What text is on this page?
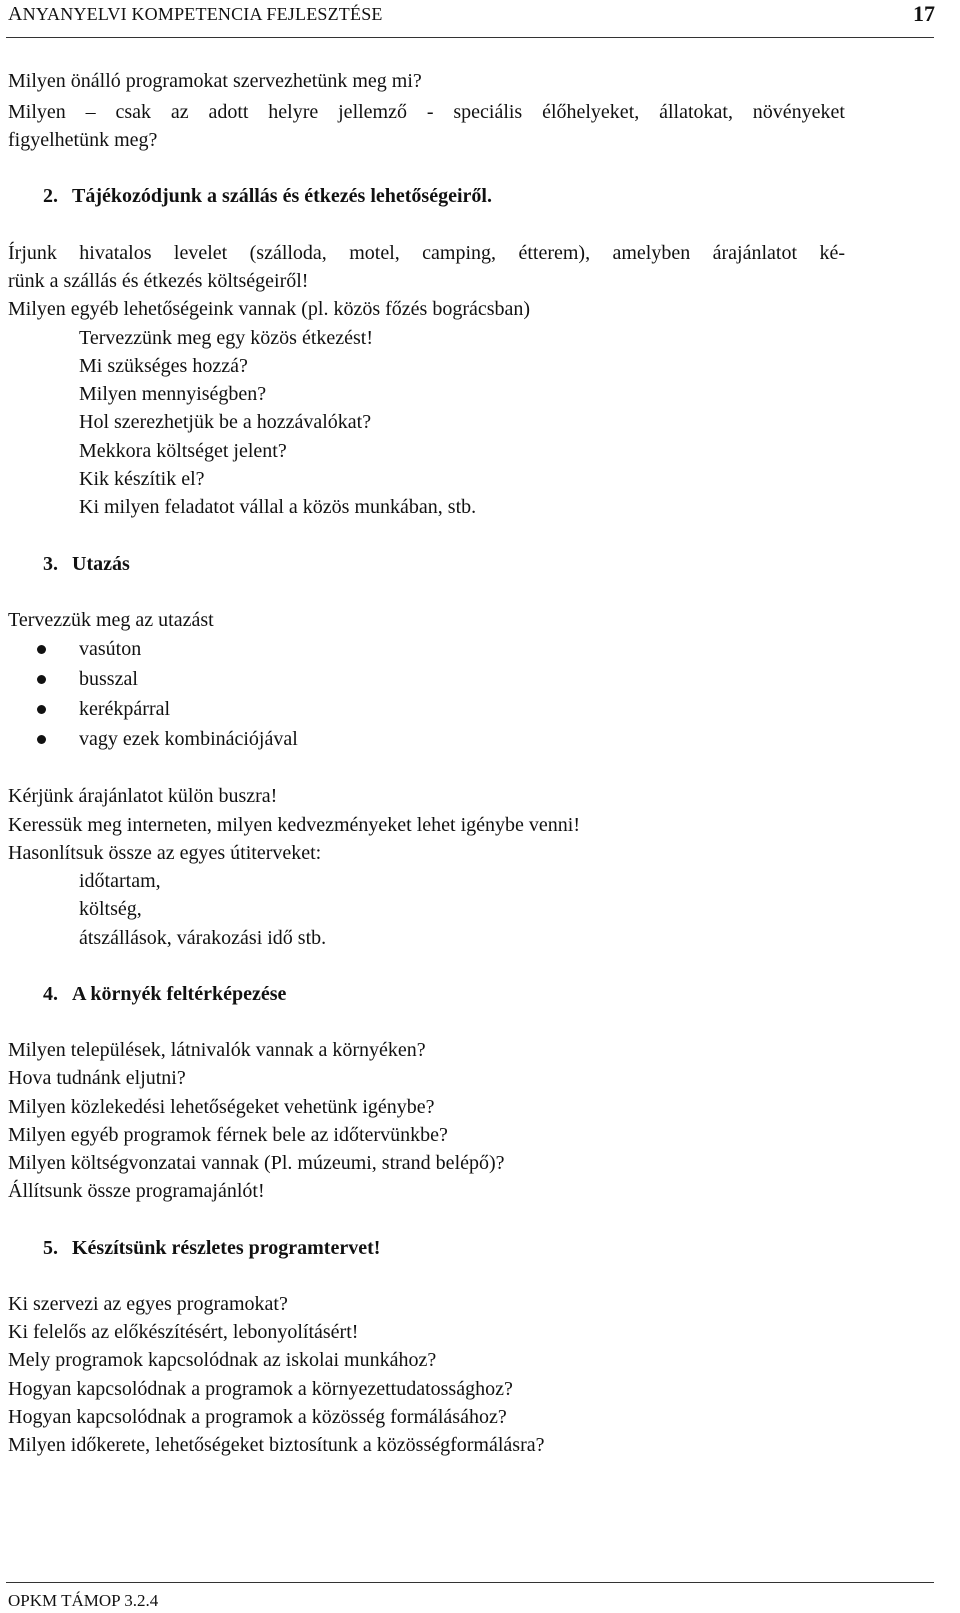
ANYANYELVI KOMPETENCIA FEJLESZTÉSE	17
Milyen önálló programokat szervezhetünk meg mi?
Milyen – csak az adott helyre jellemző - speciális élőhelyeket, állatokat, növényeket
figyelhetünk meg?
2. Tájékozódjunk a szállás és étkezés lehetőségeiről.
Írjunk hivatalos levelet (szálloda, motel, camping, étterem), amelyben árajánlatot ké-
rünk a szállás és étkezés költségeiről!
Milyen egyéb lehetőségeink vannak (pl. közös főzés bográcsban)
Tervezzünk meg egy közös étkezést!
Mi szükséges hozzá?
Milyen mennyiségben?
Hol szerezhetjük be a hozzávalókat?
Mekkora költséget jelent?
Kik készítik el?
Ki milyen feladatot vállal a közös munkában, stb.
3. Utazás
Tervezzük meg az utazást
vasúton
busszal
kerékpárral
vagy ezek kombinációjával
Kérjünk árajánlatot külön buszra!
Keressük meg interneten, milyen kedvezményeket lehet igénybe venni!
Hasonlítsuk össze az egyes útiterveket:
időtartam,
költség,
átszállások, várakozási idő stb.
4. A környék feltérképezése
Milyen települések, látnivalók vannak a környéken?
Hova tudnánk eljutni?
Milyen közlekedési lehetőségeket vehetünk igénybe?
Milyen egyéb programok férnek bele az időtervünkbe?
Milyen költségvonzatai vannak (Pl. múzeumi, strand belépő)?
Állítsunk össze programajánlót!
5. Készítsünk részletes programtervet!
Ki szervezi az egyes programokat?
Ki felelős az előkészítésért, lebonyolításért!
Mely programok kapcsolódnak az iskolai munkához?
Hogyan kapcsolódnak a programok a környezettudatossághoz?
Hogyan kapcsolódnak a programok a közösség formálásához?
Milyen időkerete, lehetőségeket biztosítunk a közösségformálásra?
OPKM TÁMOP 3.2.4
